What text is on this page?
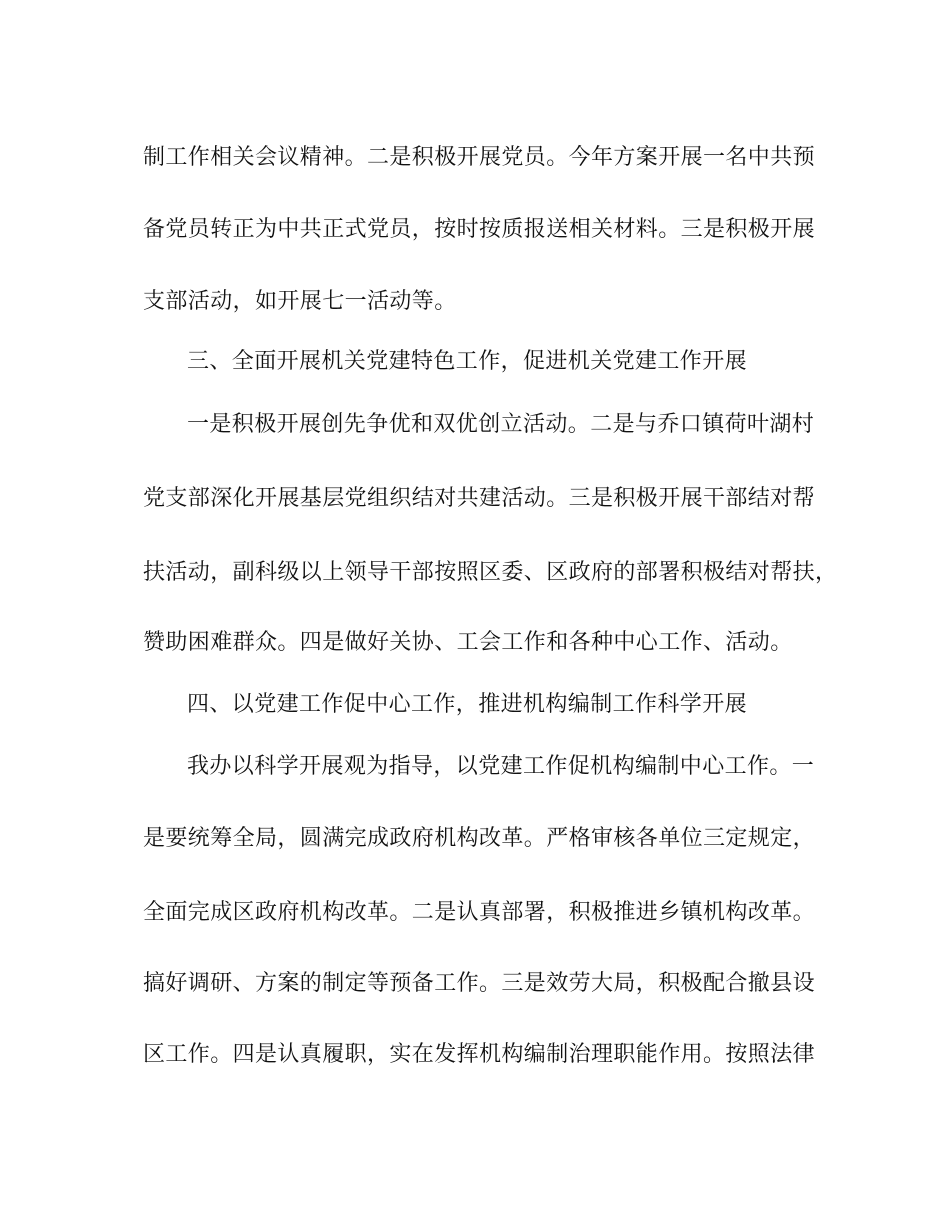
制工作相关会议精神。二是积极开展党员。今年方案开展一名中共预
备党员转正为中共正式党员，按时按质报送相关材料。三是积极开展
支部活动，如开展七一活动等。
三、全面开展机关党建特色工作，促进机关党建工作开展
一是积极开展创先争优和双优创立活动。二是与乔口镇荷叶湖村
党支部深化开展基层党组织结对共建活动。三是积极开展干部结对帮
扶活动，副科级以上领导干部按照区委、区政府的部署积极结对帮扶，
赞助困难群众。四是做好关协、工会工作和各种中心工作、活动。
四、以党建工作促中心工作，推进机构编制工作科学开展
我办以科学开展观为指导，以党建工作促机构编制中心工作。一
是要统筹全局，圆满完成政府机构改革。严格审核各单位三定规定，
全面完成区政府机构改革。二是认真部署，积极推进乡镇机构改革。
搞好调研、方案的制定等预备工作。三是效劳大局，积极配合撤县设
区工作。四是认真履职，实在发挥机构编制治理职能作用。按照法律
